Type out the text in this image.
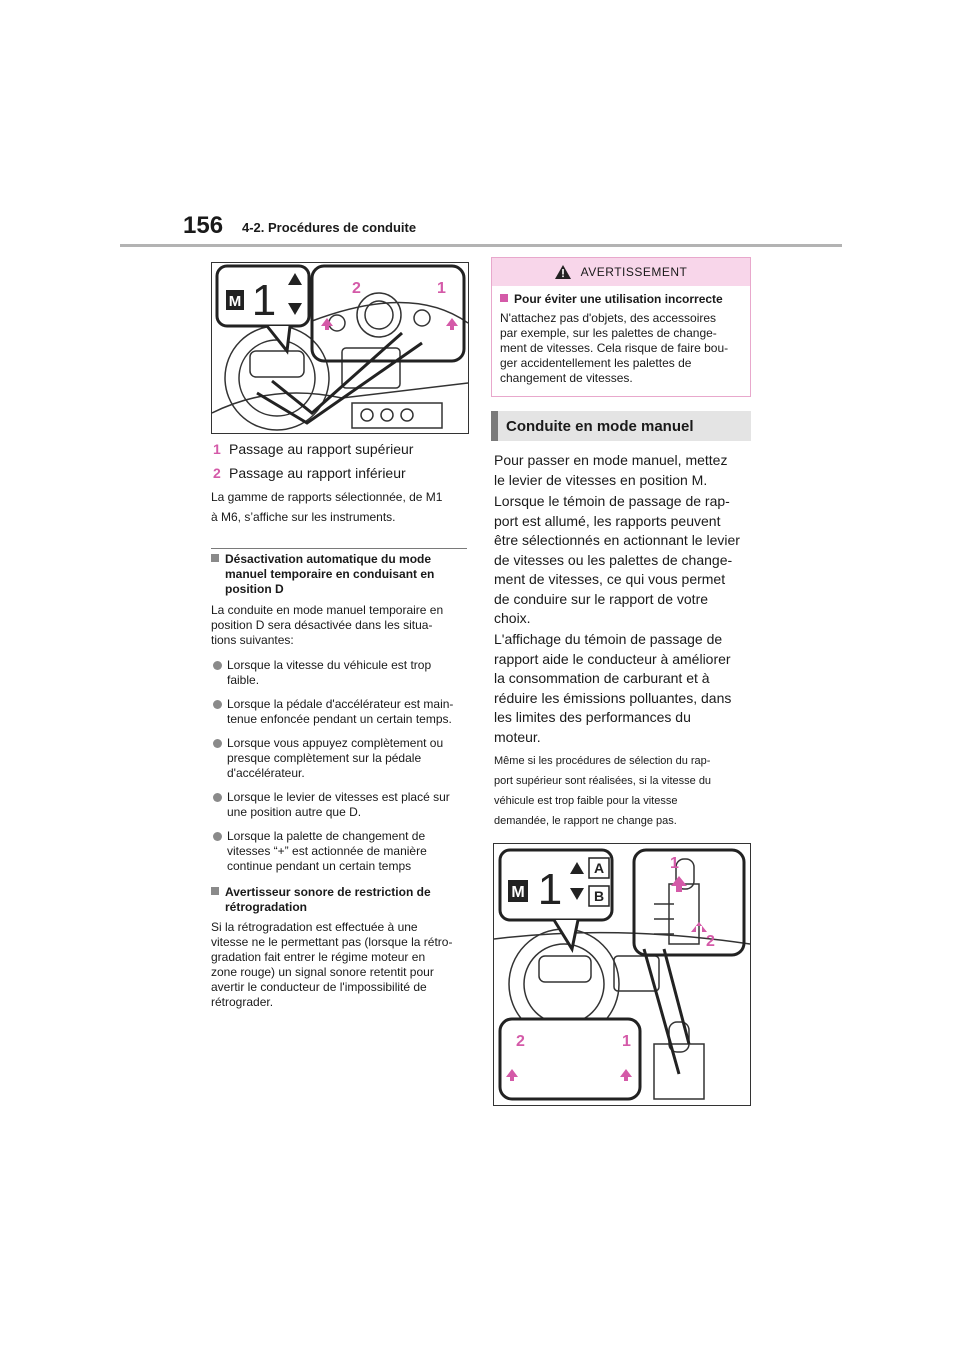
156 4-2. Procédures de conduite
M 1	2	1
1 Passage au rapport supérieur
2 Passage au rapport inférieur
La gamme de rapports sélectionnée, de M1
à M6, s’affiche sur les instruments.
Désactivation automatique du mode
manuel temporaire en conduisant en
position D
La conduite en mode manuel temporaire en
position D sera désactivée dans les situa-
tions suivantes:
Lorsque la vitesse du véhicule est trop
faible.
Lorsque la pédale d'accélérateur est main-
tenue enfoncée pendant un certain temps.
Lorsque vous appuyez complètement ou
presque complètement sur la pédale
d'accélérateur.
Lorsque le levier de vitesses est placé sur
une position autre que D.
Lorsque la palette de changement de
vitesses “+” est actionnée de manière
continue pendant un certain temps
Avertisseur sonore de restriction de
rétrogradation
Si la rétrogradation est effectuée à une
vitesse ne le permettant pas (lorsque la rétro-
gradation fait entrer le régime moteur en
zone rouge) un signal sonore retentit pour
avertir le conducteur de l'impossibilité de
rétrograder.
AVERTISSEMENT
Pour éviter une utilisation incorrecte
N'attachez pas d'objets, des accessoires
par exemple, sur les palettes de change-
ment de vitesses. Cela risque de faire bou-
ger accidentellement les palettes de
changement de vitesses.
Conduite en mode manuel
Pour passer en mode manuel, mettez
le levier de vitesses en position M.
Lorsque le témoin de passage de rap-
port est allumé, les rapports peuvent
être sélectionnés en actionnant le levier
de vitesses ou les palettes de change-
ment de vitesses, ce qui vous permet
de conduire sur le rapport de votre
choix.
L'affichage du témoin de passage de
rapport aide le conducteur à améliorer
la consommation de carburant et à
réduire les émissions polluantes, dans
les limites des performances du
moteur.
Même si les procédures de sélection du rap-
port supérieur sont réalisées, si la vitesse du
véhicule est trop faible pour la vitesse
demandée, le rapport ne change pas.
M 1 A
B
1
2
2	1
